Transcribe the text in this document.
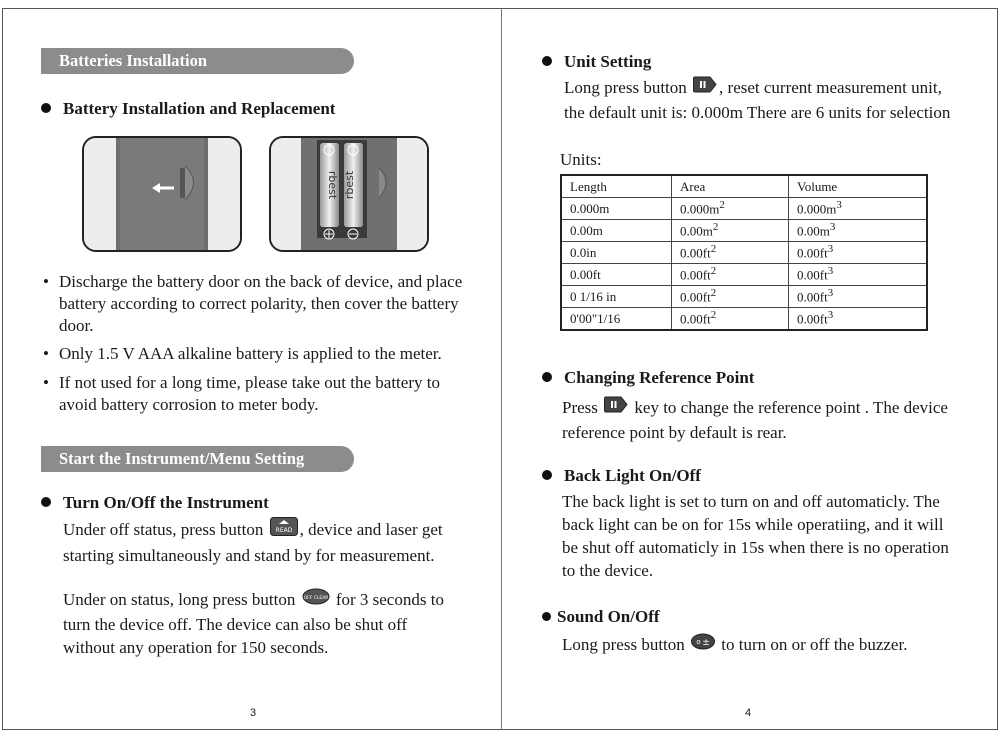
Batteries Installation
Battery Installation and Replacement
rbest rbest
• Discharge the battery door on the back of device, and place battery according to correct polarity, then cover the battery door.
• Only 1.5 V AAA alkaline battery is applied to the meter.
• If not used for a long time, please take out the battery to avoid battery corrosion to meter body.
Start the Instrument/Menu Setting
Turn On/Off the Instrument
Under off status, press button READ , device and laser get starting simultaneously and stand by for measurement.
Under on status, long press button OFF CLEAR for 3 seconds to turn the device off. The device can also be shut off without any operation for 150 seconds.
3
Unit Setting
Long press button , reset current measurement unit, the default unit is: 0.000m There are 6 units for selection
Units:
Length	Area	Volume
0.000m	$0.000m^2$	$0.000m^3$
0.00m	$0.00m^2$	$0.00m^3$
0.0in	$0.00ft^2$	$0.00ft^3$
0.00ft	$0.00ft^2$	$0.00ft^3$
0 1/16 in	$0.00ft^2$	$0.00ft^3$
0'00"1/16	$0.00ft^2$	$0.00ft^3$
Changing Reference Point
Press key to change the reference point . The device reference point by default is rear.
Back Light On/Off
The back light is set to turn on and off automaticly. The back light can be on for 15s while operatiing, and it will be shut off automaticly in 15s when there is no operation to the device.
Sound On/Off
Long press button o ± to turn on or off the buzzer.
4
